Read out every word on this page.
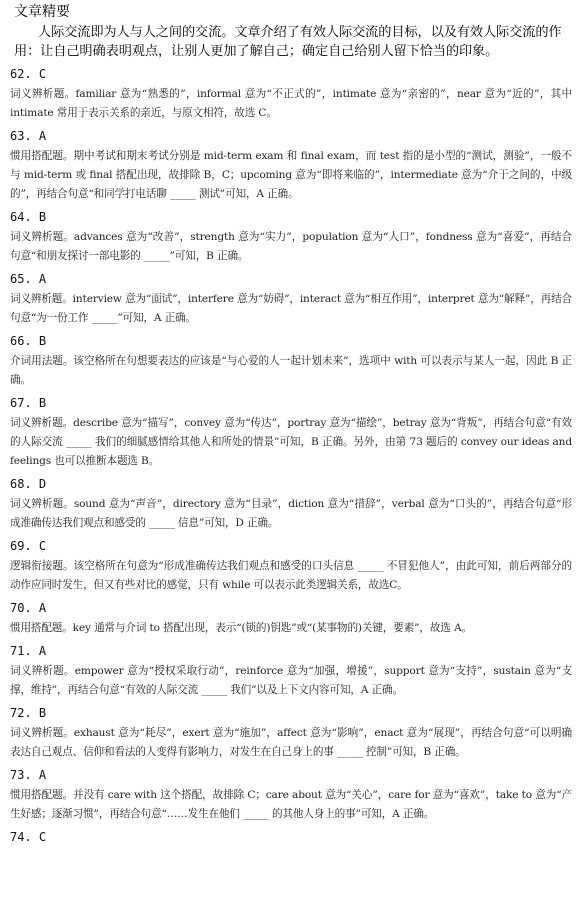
文章精要

人际交流即为人与人之间的交流。文章介绍了有效人际交流的目标，以及有效人际交流的作用：让自己明确表明观点，让别人更加了解自己；确定自己给别人留下恰当的印象。

62. C

词义辨析题。familiar 意为“熟悉的”，informal 意为“不正式的”，intimate 意为“亲密的”，near 意为“近的”，其中 intimate 常用于表示关系的亲近，与原文相符，故选 C。

63. A

惯用搭配题。期中考试和期末考试分别是 mid-term exam 和 final exam，而 test 指的是小型的“测试，测验”，一般不与 mid-term 或 final 搭配出现，故排除 B，C；upcoming 意为“即将来临的”，intermediate 意为“介于之间的，中级的”，再结合句意“和同学打电话聊 _____ 测试”可知，A 正确。

64. B

词义辨析题。advances 意为“改善”，strength 意为“实力”，population 意为“人口”，fondness 意为“喜爱”，再结合句意“和朋友探讨一部电影的 _____”可知，B 正确。

65. A

词义辨析题。interview 意为“面试”，interfere 意为“妨碍”，interact 意为“相互作用”，interpret 意为“解释”，再结合句意“为一份工作 _____”可知，A 正确。

66. B

介词用法题。该空格所在句想要表达的应该是“与心爱的人一起计划未来”，选项中 with 可以表示与某人一起，因此 B 正确。

67. B

词义辨析题。describe 意为“描写”，convey 意为“传达”，portray 意为“描绘”，betray 意为“背叛”，再结合句意“有效的人际交流 _____ 我们的细腻感情给其他人和所处的情景”可知，B 正确。另外，由第 73 题后的 convey our ideas and feelings 也可以推断本题选 B。

68. D

词义辨析题。sound 意为“声音”，directory 意为“目录”，diction 意为“措辞”，verbal 意为“口头的”，再结合句意“形成准确传达我们观点和感受的 _____ 信息”可知，D 正确。

69. C

逻辑衔接题。该空格所在句意为“形成准确传达我们观点和感受的口头信息 _____ 不冒犯他人”，由此可知，前后两部分的动作应同时发生，但又有些对比的感觉，只有 while 可以表示此类逻辑关系，故选C。

70. A

惯用搭配题。key 通常与介词 to 搭配出现，表示“(锁的)钥匙”或“(某事物的)关键，要素”，故选 A。

71. A

词义辨析题。empower 意为“授权采取行动”，reinforce 意为“加强，增援”，support 意为“支持”，sustain 意为“支撑，维持”，再结合句意“有效的人际交流 _____ 我们”以及上下文内容可知，A 正确。

72. B

词义辨析题。exhaust 意为“耗尽”，exert 意为“施加”，affect 意为“影响”，enact 意为“展现”，再结合句意“可以明确表达自己观点、信仰和看法的人变得有影响力，对发生在自己身上的事 _____ 控制”可知，B 正确。

73. A

惯用搭配题。并没有 care with 这个搭配，故排除 C；care about 意为“关心”，care for 意为“喜欢”，take to 意为“产生好感；逐渐习惯”，再结合句意“……发生在他们 _____ 的其他人身上的事”可知，A 正确。

74. C
